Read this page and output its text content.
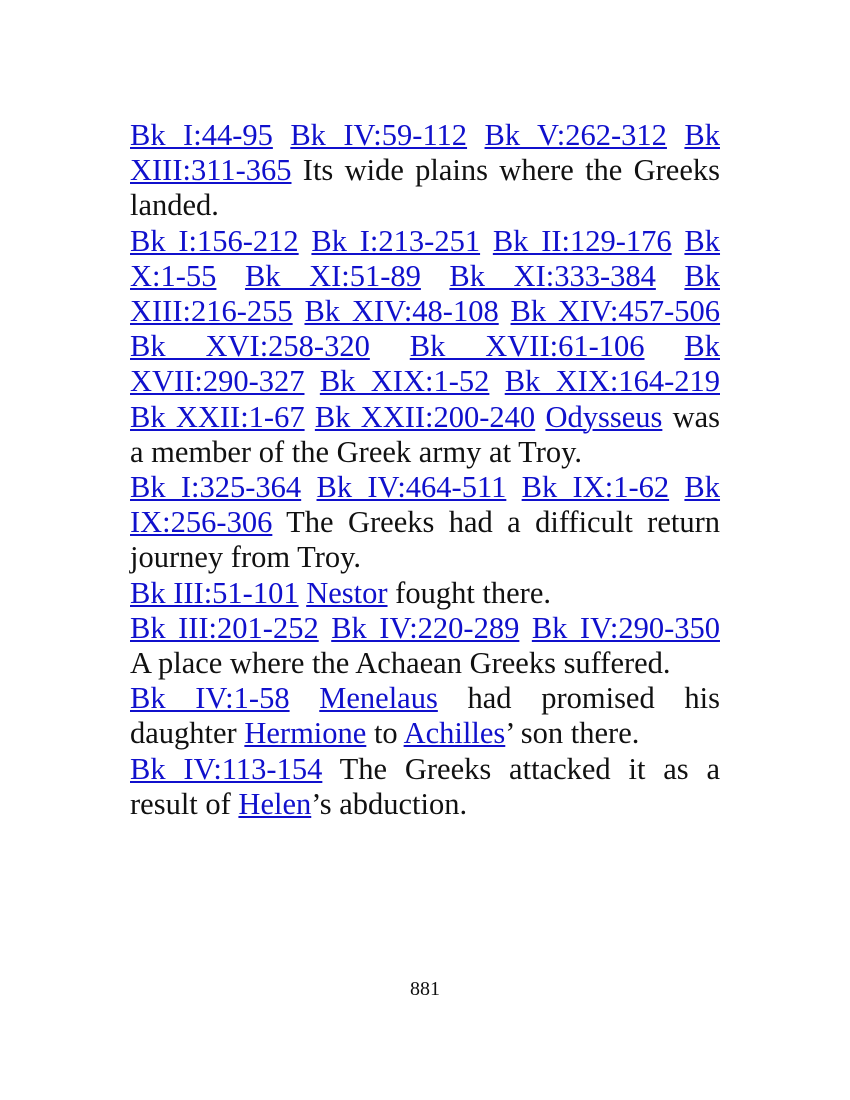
Bk I:44-95 Bk IV:59-112 Bk V:262-312 Bk XIII:311-365 Its wide plains where the Greeks landed.

Bk I:156-212 Bk I:213-251 Bk II:129-176 Bk X:1-55 Bk XI:51-89 Bk XI:333-384 Bk XIII:216-255 Bk XIV:48-108 Bk XIV:457-506 Bk XVI:258-320 Bk XVII:61-106 Bk XVII:290-327 Bk XIX:1-52 Bk XIX:164-219 Bk XXII:1-67 Bk XXII:200-240 Odysseus was a member of the Greek army at Troy.

Bk I:325-364 Bk IV:464-511 Bk IX:1-62 Bk IX:256-306 The Greeks had a difficult return journey from Troy.

Bk III:51-101 Nestor fought there.

Bk III:201-252 Bk IV:220-289 Bk IV:290-350 A place where the Achaean Greeks suffered.

Bk IV:1-58 Menelaus had promised his daughter Hermione to Achilles’ son there.

Bk IV:113-154 The Greeks attacked it as a result of Helen’s abduction.

881
